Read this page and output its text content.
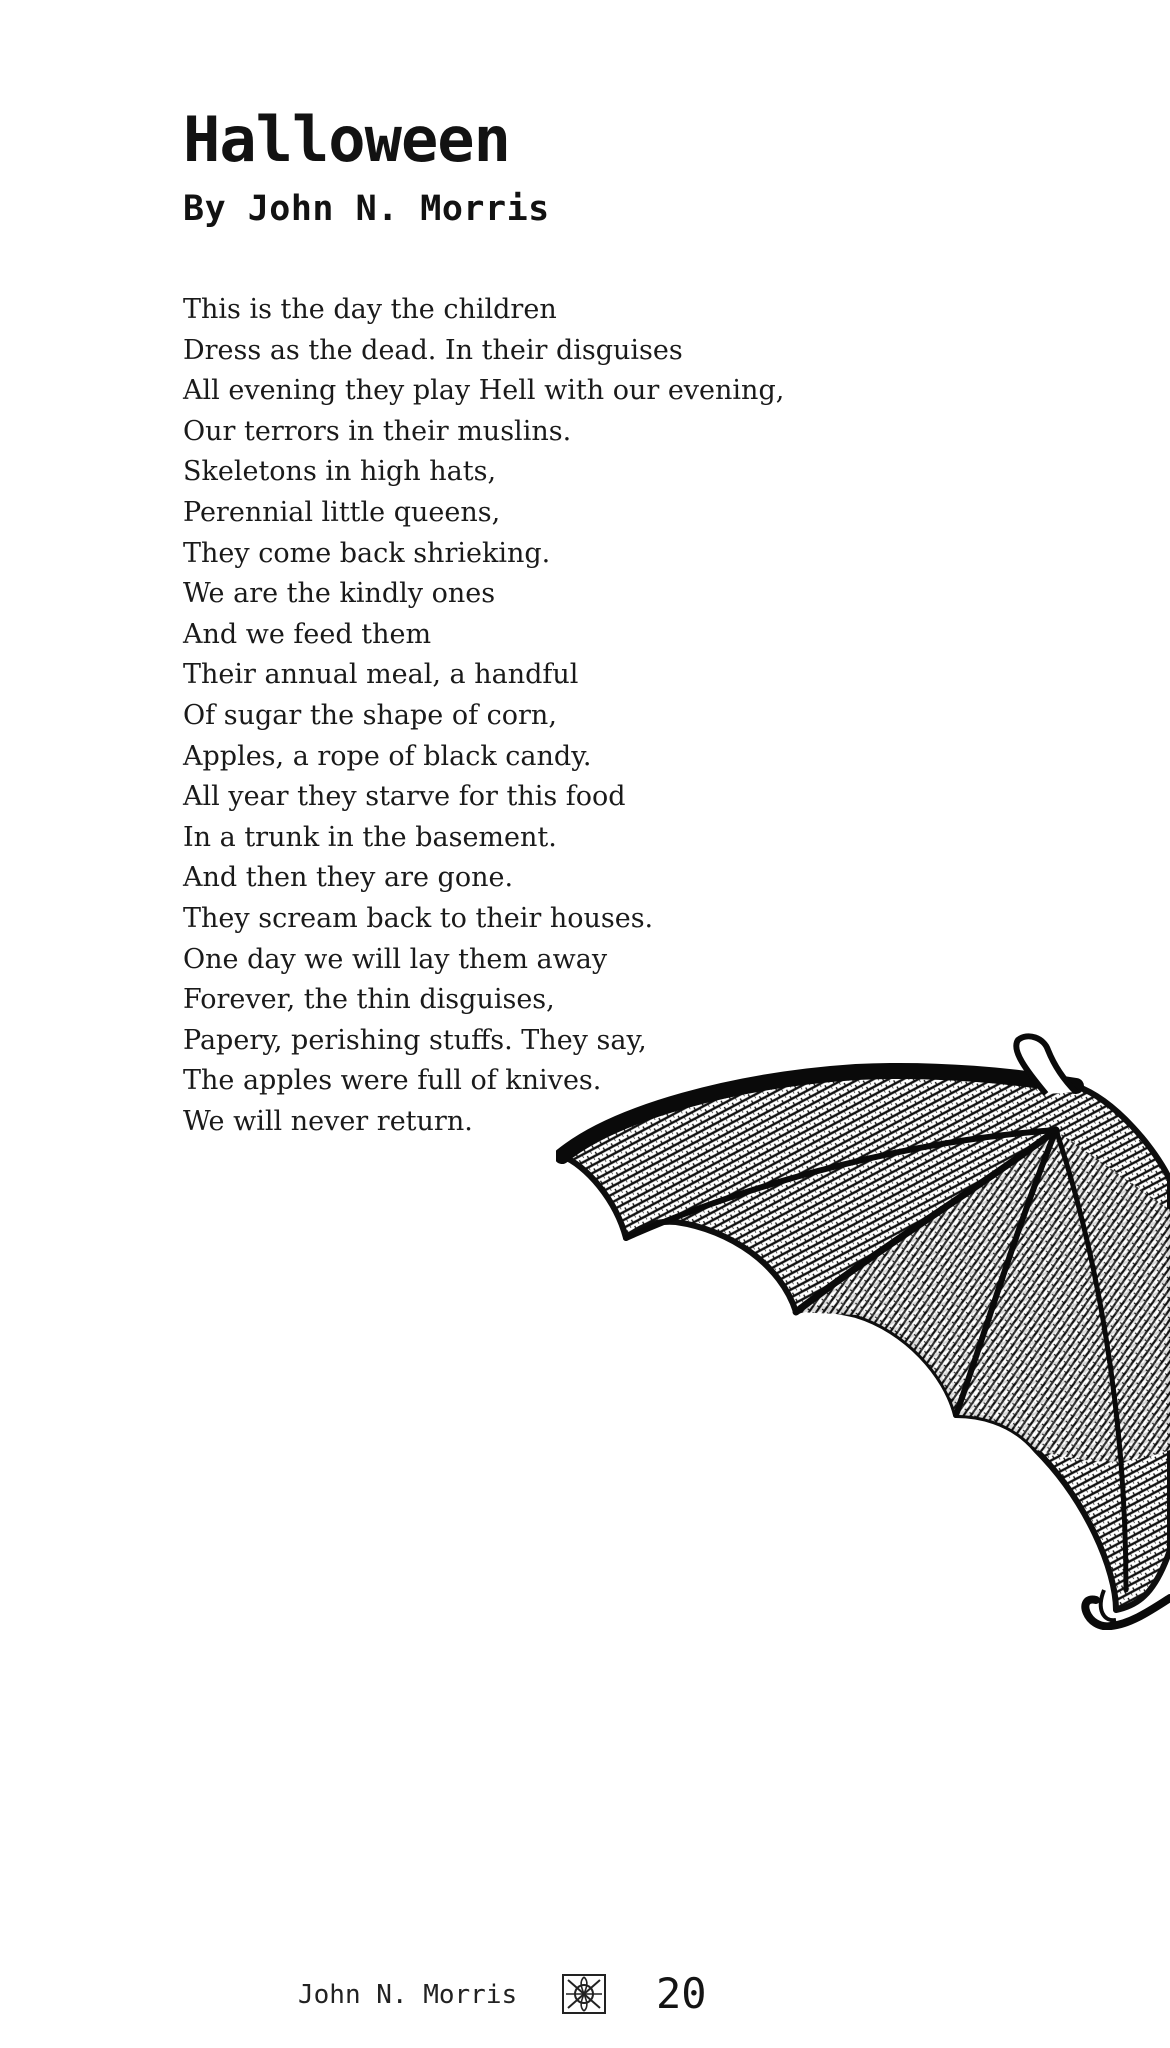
Halloween
By John N. Morris
This is the day the children
Dress as the dead. In their disguises
All evening they play Hell with our evening,
Our terrors in their muslins.
Skeletons in high hats,
Perennial little queens,
They come back shrieking.
We are the kindly ones
And we feed them
Their annual meal, a handful
Of sugar the shape of corn,
Apples, a rope of black candy.
All year they starve for this food
In a trunk in the basement.
And then they are gone.
They scream back to their houses.
One day we will lay them away
Forever, the thin disguises,
Papery, perishing stuffs. They say,
The apples were full of knives.
We will never return.
John N. Morris	20
